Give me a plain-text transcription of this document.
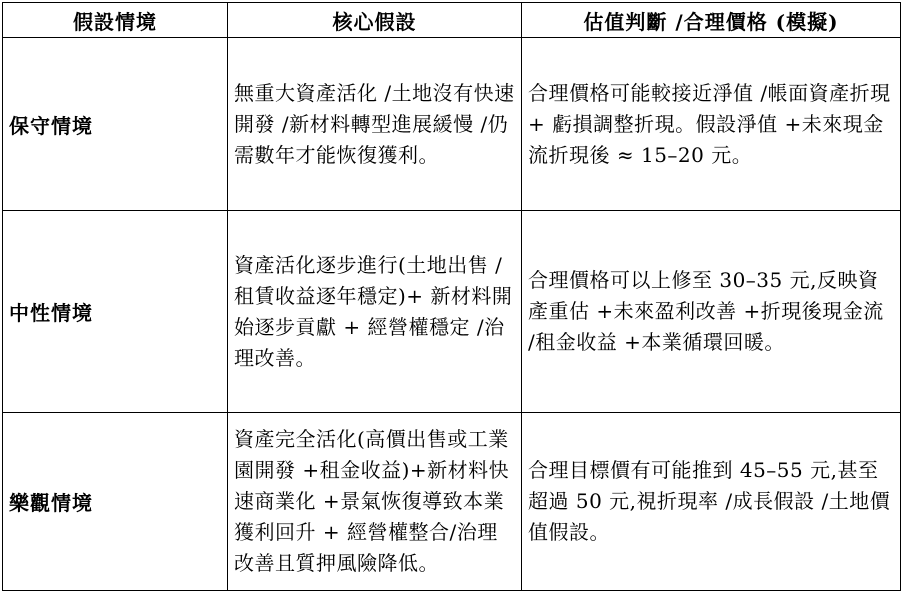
假設情境	核心假設	估值判斷 /合理價格 (模擬)
保守情境	無重大資產活化 /土地沒有快速開發 /新材料轉型進展緩慢 /仍需數年才能恢復獲利。	合理價格可能較接近淨值 /帳面資產折現 + 虧損調整折現。假設淨值 +未來現金流折現後 ≈ 15–20 元。
中性情境	資產活化逐步進行(土地出售 /租賃收益逐年穩定)+ 新材料開始逐步貢獻 + 經營權穩定 /治理改善。	合理價格可以上修至 30–35 元,反映資產重估 +未來盈利改善 +折現後現金流 /租金收益 +本業循環回暖。
樂觀情境	資產完全活化(高價出售或工業園開發 +租金收益)+新材料快速商業化 +景氣恢復導致本業獲利回升 + 經營權整合/治理改善且質押風險降低。	合理目標價有可能推到 45–55 元,甚至超過 50 元,視折現率 /成長假設 /土地價值假設。
